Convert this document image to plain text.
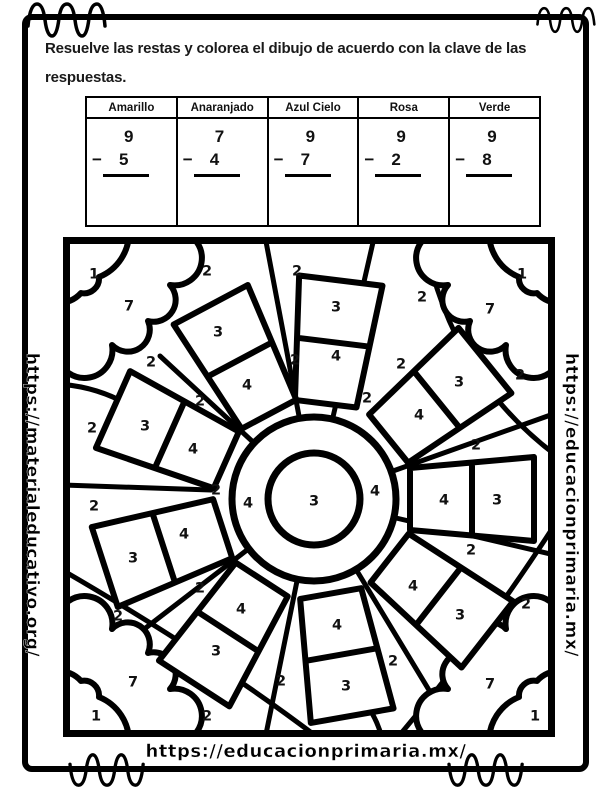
Resuelve las restas y colorea el dibujo de acuerdo con la clave de las
respuestas.
Amarillo	Anaranjado	Azul Cielo	Rosa	Verde

9
−	5

7
−	4

9
−	7

9
−	2

9
−	8
1
7
2	2
2
1
7
2
2	2	2
3
4
3
4
3
4
2	2
2	3
4	2
2
4	3
4
3
4
2
4
3	2
4
3
2
4
3
2
2
4
3
2
2
2
7
1
7
1
https://materialeducativo.org/	https://educacionprimaria.mx/
https://educacionprimaria.mx/
